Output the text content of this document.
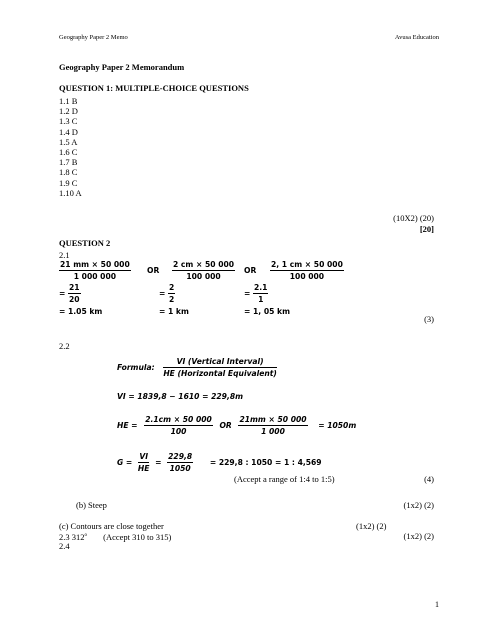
Geography Paper 2 Memo	Avusa Education
Geography Paper 2 Memorandum
QUESTION 1: MULTIPLE-CHOICE QUESTIONS
1.1 B
1.2 D
1.3 C
1.4 D
1.5 A
1.6 C
1.7 B
1.8 C
1.9 C
1.10 A
(10X2) (20)
[20]
QUESTION 2
2.1
$\frac{21 mm \times 50 000}{1 000 000}$
= $\frac{21}{20}$
= 1.05 km
OR $\frac{2 cm \times 50 000}{100 000}$
= $\frac{2}{2}$
= 1 km
OR $\frac{2, 1 cm \times 50 000}{100 000}$
= $\frac{2.1}{1}$
= 1, 05 km
(3)
2.2
Formula: $\frac{\text{VI (Vertical Interval)}}{\text{HE (Horizontal Equivalent)}}$
VI = 1839,8 − 1610 = 229,8m
HE = $\frac{2.1cm \times 50 000}{100}$ OR $\frac{21mm \times 50 000}{1 000} = 1050m$
$G = \frac{VI}{HE} = \frac{229,8}{1050} = 229,8$ : 1050 = 1 : 4,569
(Accept a range of 1:4 to 1:5)	(4)
(b) Steep	(1x2) (2)
(c) Contours are close together	(1x2) (2)
2.3 312$^o$ (Accept 310 to 315)	(1x2) (2)
2.4
1
